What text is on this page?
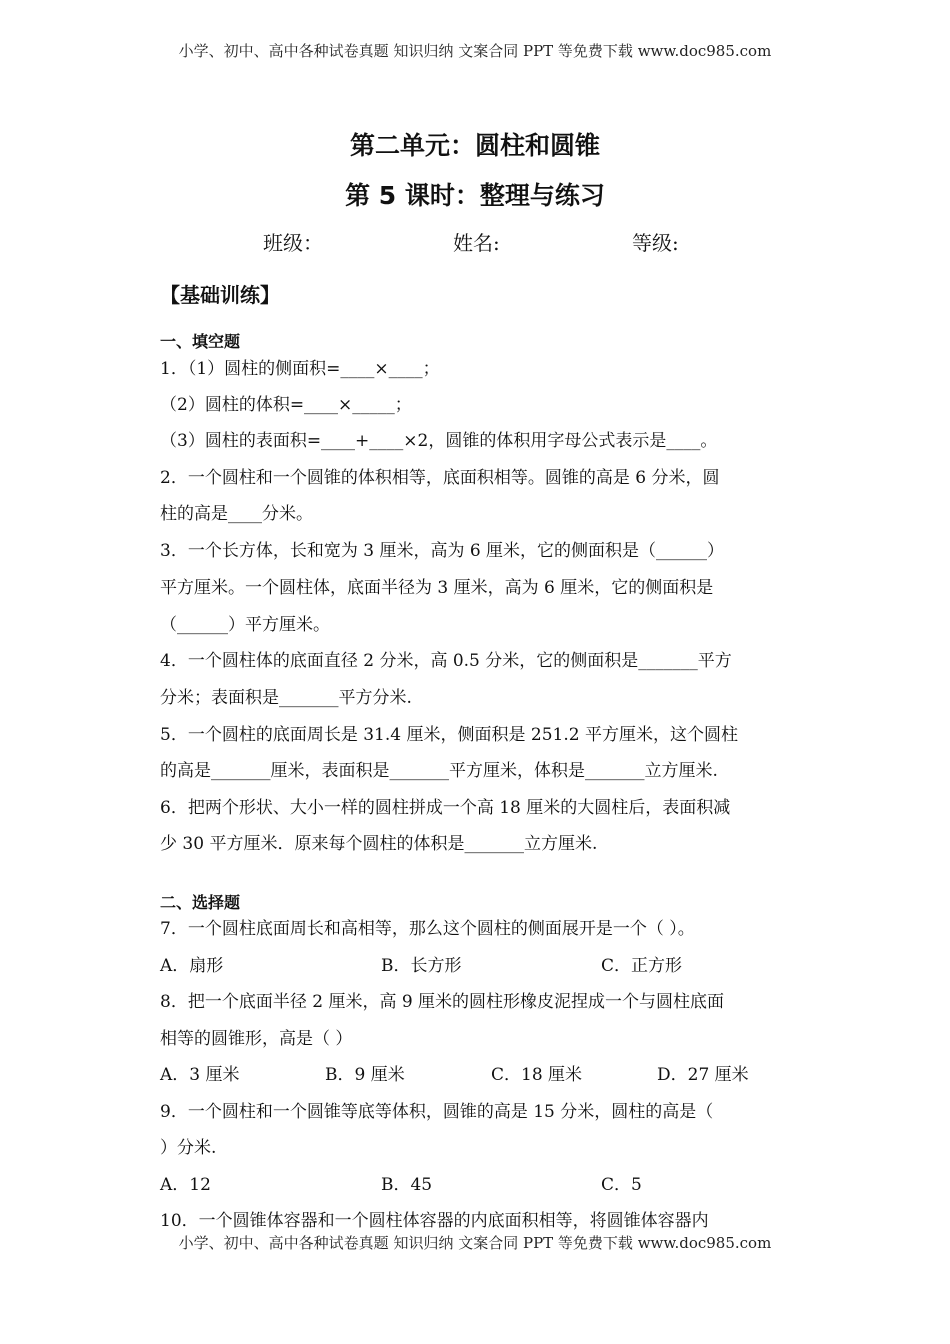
小学、初中、高中各种试卷真题 知识归纳 文案合同 PPT 等免费下载 www.doc985.com
第二单元：圆柱和圆锥
第 5 课时：整理与练习
班级：	姓名:	等级:
【基础训练】
一、填空题
1．（1）圆柱的侧面积=____×____；
（2）圆柱的体积=____×_____；
（3）圆柱的表面积=____+____×2，圆锥的体积用字母公式表示是____。
2．一个圆柱和一个圆锥的体积相等，底面积相等。圆锥的高是 6 分米，圆
柱的高是____分米。
3．一个长方体，长和宽为 3 厘米，高为 6 厘米，它的侧面积是（______）
平方厘米。一个圆柱体，底面半径为 3 厘米，高为 6 厘米，它的侧面积是
（______）平方厘米。
4．一个圆柱体的底面直径 2 分米，高 0.5 分米，它的侧面积是_______平方
分米；表面积是_______平方分米.
5．一个圆柱的底面周长是 31.4 厘米，侧面积是 251.2 平方厘米，这个圆柱
的高是_______厘米，表面积是_______平方厘米，体积是_______立方厘米.
6．把两个形状、大小一样的圆柱拼成一个高 18 厘米的大圆柱后，表面积减
少 30 平方厘米．原来每个圆柱的体积是_______立方厘米.
二、选择题
7．一个圆柱底面周长和高相等，那么这个圆柱的侧面展开是一个（ ）。
A．扇形	B．长方形	C．正方形
8．把一个底面半径 2 厘米，高 9 厘米的圆柱形橡皮泥捏成一个与圆柱底面
相等的圆锥形，高是（ ）
A．3 厘米	B．9 厘米	C．18 厘米	D．27 厘米
9．一个圆柱和一个圆锥等底等体积，圆锥的高是 15 分米，圆柱的高是（
）分米.
A．12	B．45	C．5
10．一个圆锥体容器和一个圆柱体容器的内底面积相等，将圆锥体容器内
小学、初中、高中各种试卷真题 知识归纳 文案合同 PPT 等免费下载 www.doc985.com
